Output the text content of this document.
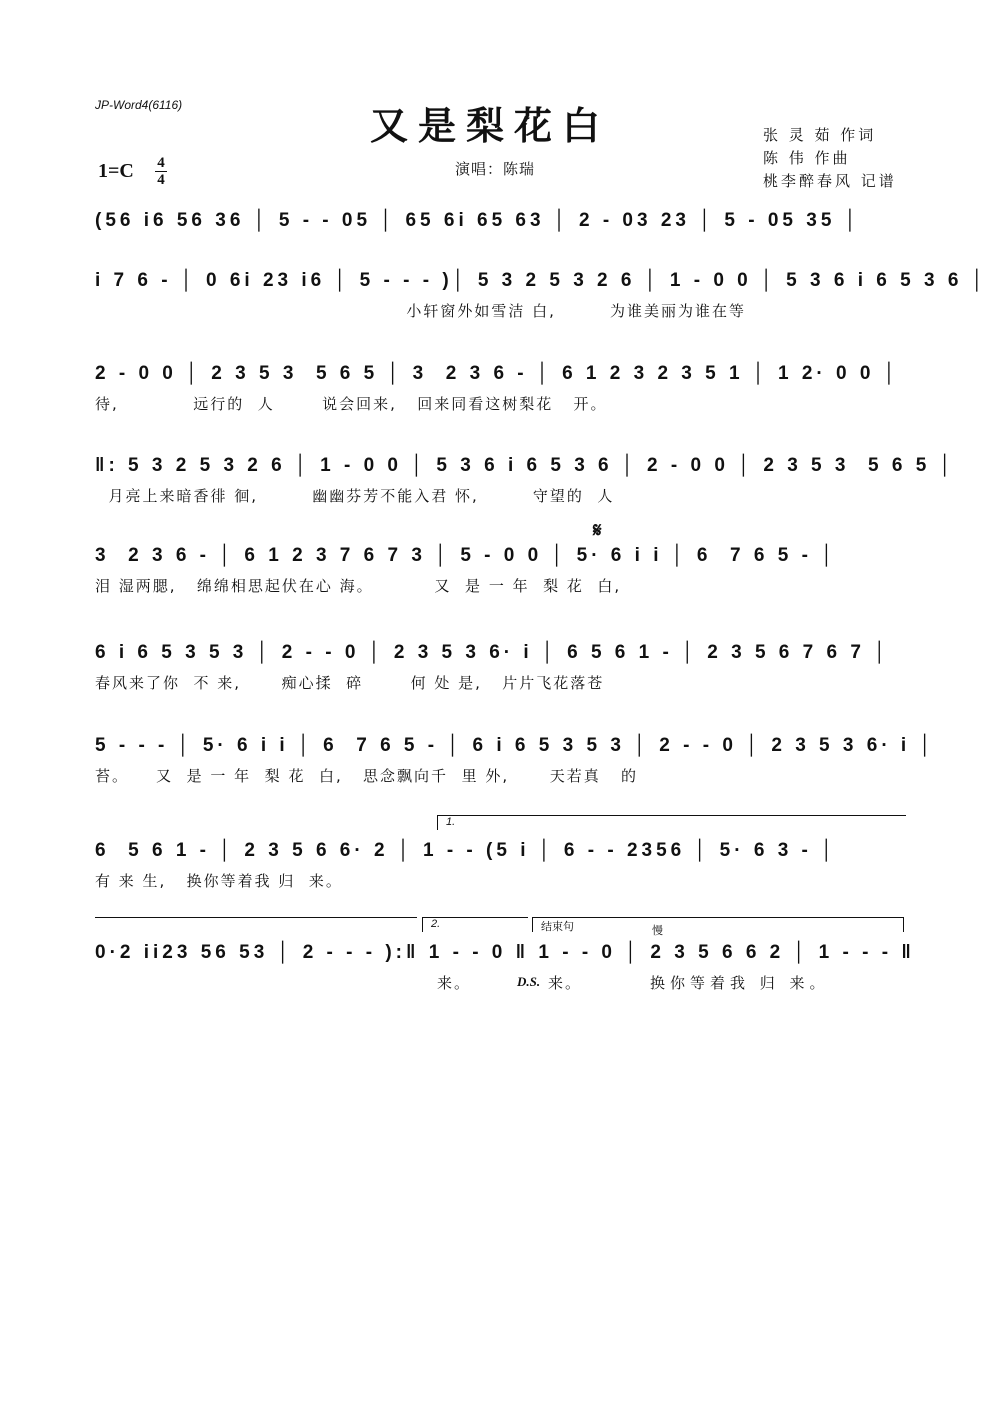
JP-Word4(6116)	又是梨花白	张 灵 茹 作词
陈 伟 作曲
桃李醉春风 记谱
1=C 4
4
演唱：陈瑞
(56 i6 56 36 │ 5 - - 05 │ 65 6i 65 63 │ 2 - 03 23 │ 5 - 05 35 │
i 7 6 - │ 0 6i 23 i6 │ 5 - - - )│ 5 3 2 5 3 2 6 │ 1 - 0 0 │ 5 3 6 i 6 5 3 6 │
小轩窗外如雪洁 白,        为谁美丽为谁在等
2 - 0 0 │ 2 3 5 3  5 6 5 │ 3  2 3 6 - │ 6 1 2 3 2 3 5 1 │ 1 2· 0 0 │
待,           远行的  人       说会回来,   回来同看这树梨花   开。
‖: 5 3 2 5 3 2 6 │ 1 - 0 0 │ 5 3 6 i 6 5 3 6 │ 2 - 0 0 │ 2 3 5 3  5 6 5 │
月亮上来暗香徘 徊,        幽幽芬芳不能入君 怀,        守望的  人
𝄋
3  2 3 6 - │ 6 1 2 3 7 6 7 3 │ 5 - 0 0 │ 5· 6 i i │ 6  7 6 5 - │
泪 湿两腮,   绵绵相思起伏在心 海。         又  是 一 年  梨 花  白,
6 i 6 5 3 5 3 │ 2 - - 0 │ 2 3 5 3 6· i │ 6 5 6 1 - │ 2 3 5 6 7 6 7 │
春风来了你  不 来,      痴心揉  碎       何 处 是,   片片飞花落苍
5 - - - │ 5· 6 i i │ 6  7 6 5 - │ 6 i 6 5 3 5 3 │ 2 - - 0 │ 2 3 5 3 6· i │
苔。    又  是 一 年  梨 花  白,   思念飘向千  里 外,      天若真   的
1.
6  5 6 1 - │ 2 3 5 6 6· 2 │ 1 - - (5 i │ 6 - - 2356 │ 5· 6 3 - │
有 来 生,   换你等着我 归  来。
2.	结束句	慢
0·2 ii23 56 53 │ 2 - - - ):‖ 1 - - 0 ‖ 1 - - 0 │ 2 3 5 6 6 2 │ 1 - - - ‖
来。	D.S. 来。	换你等着我 归 来。
